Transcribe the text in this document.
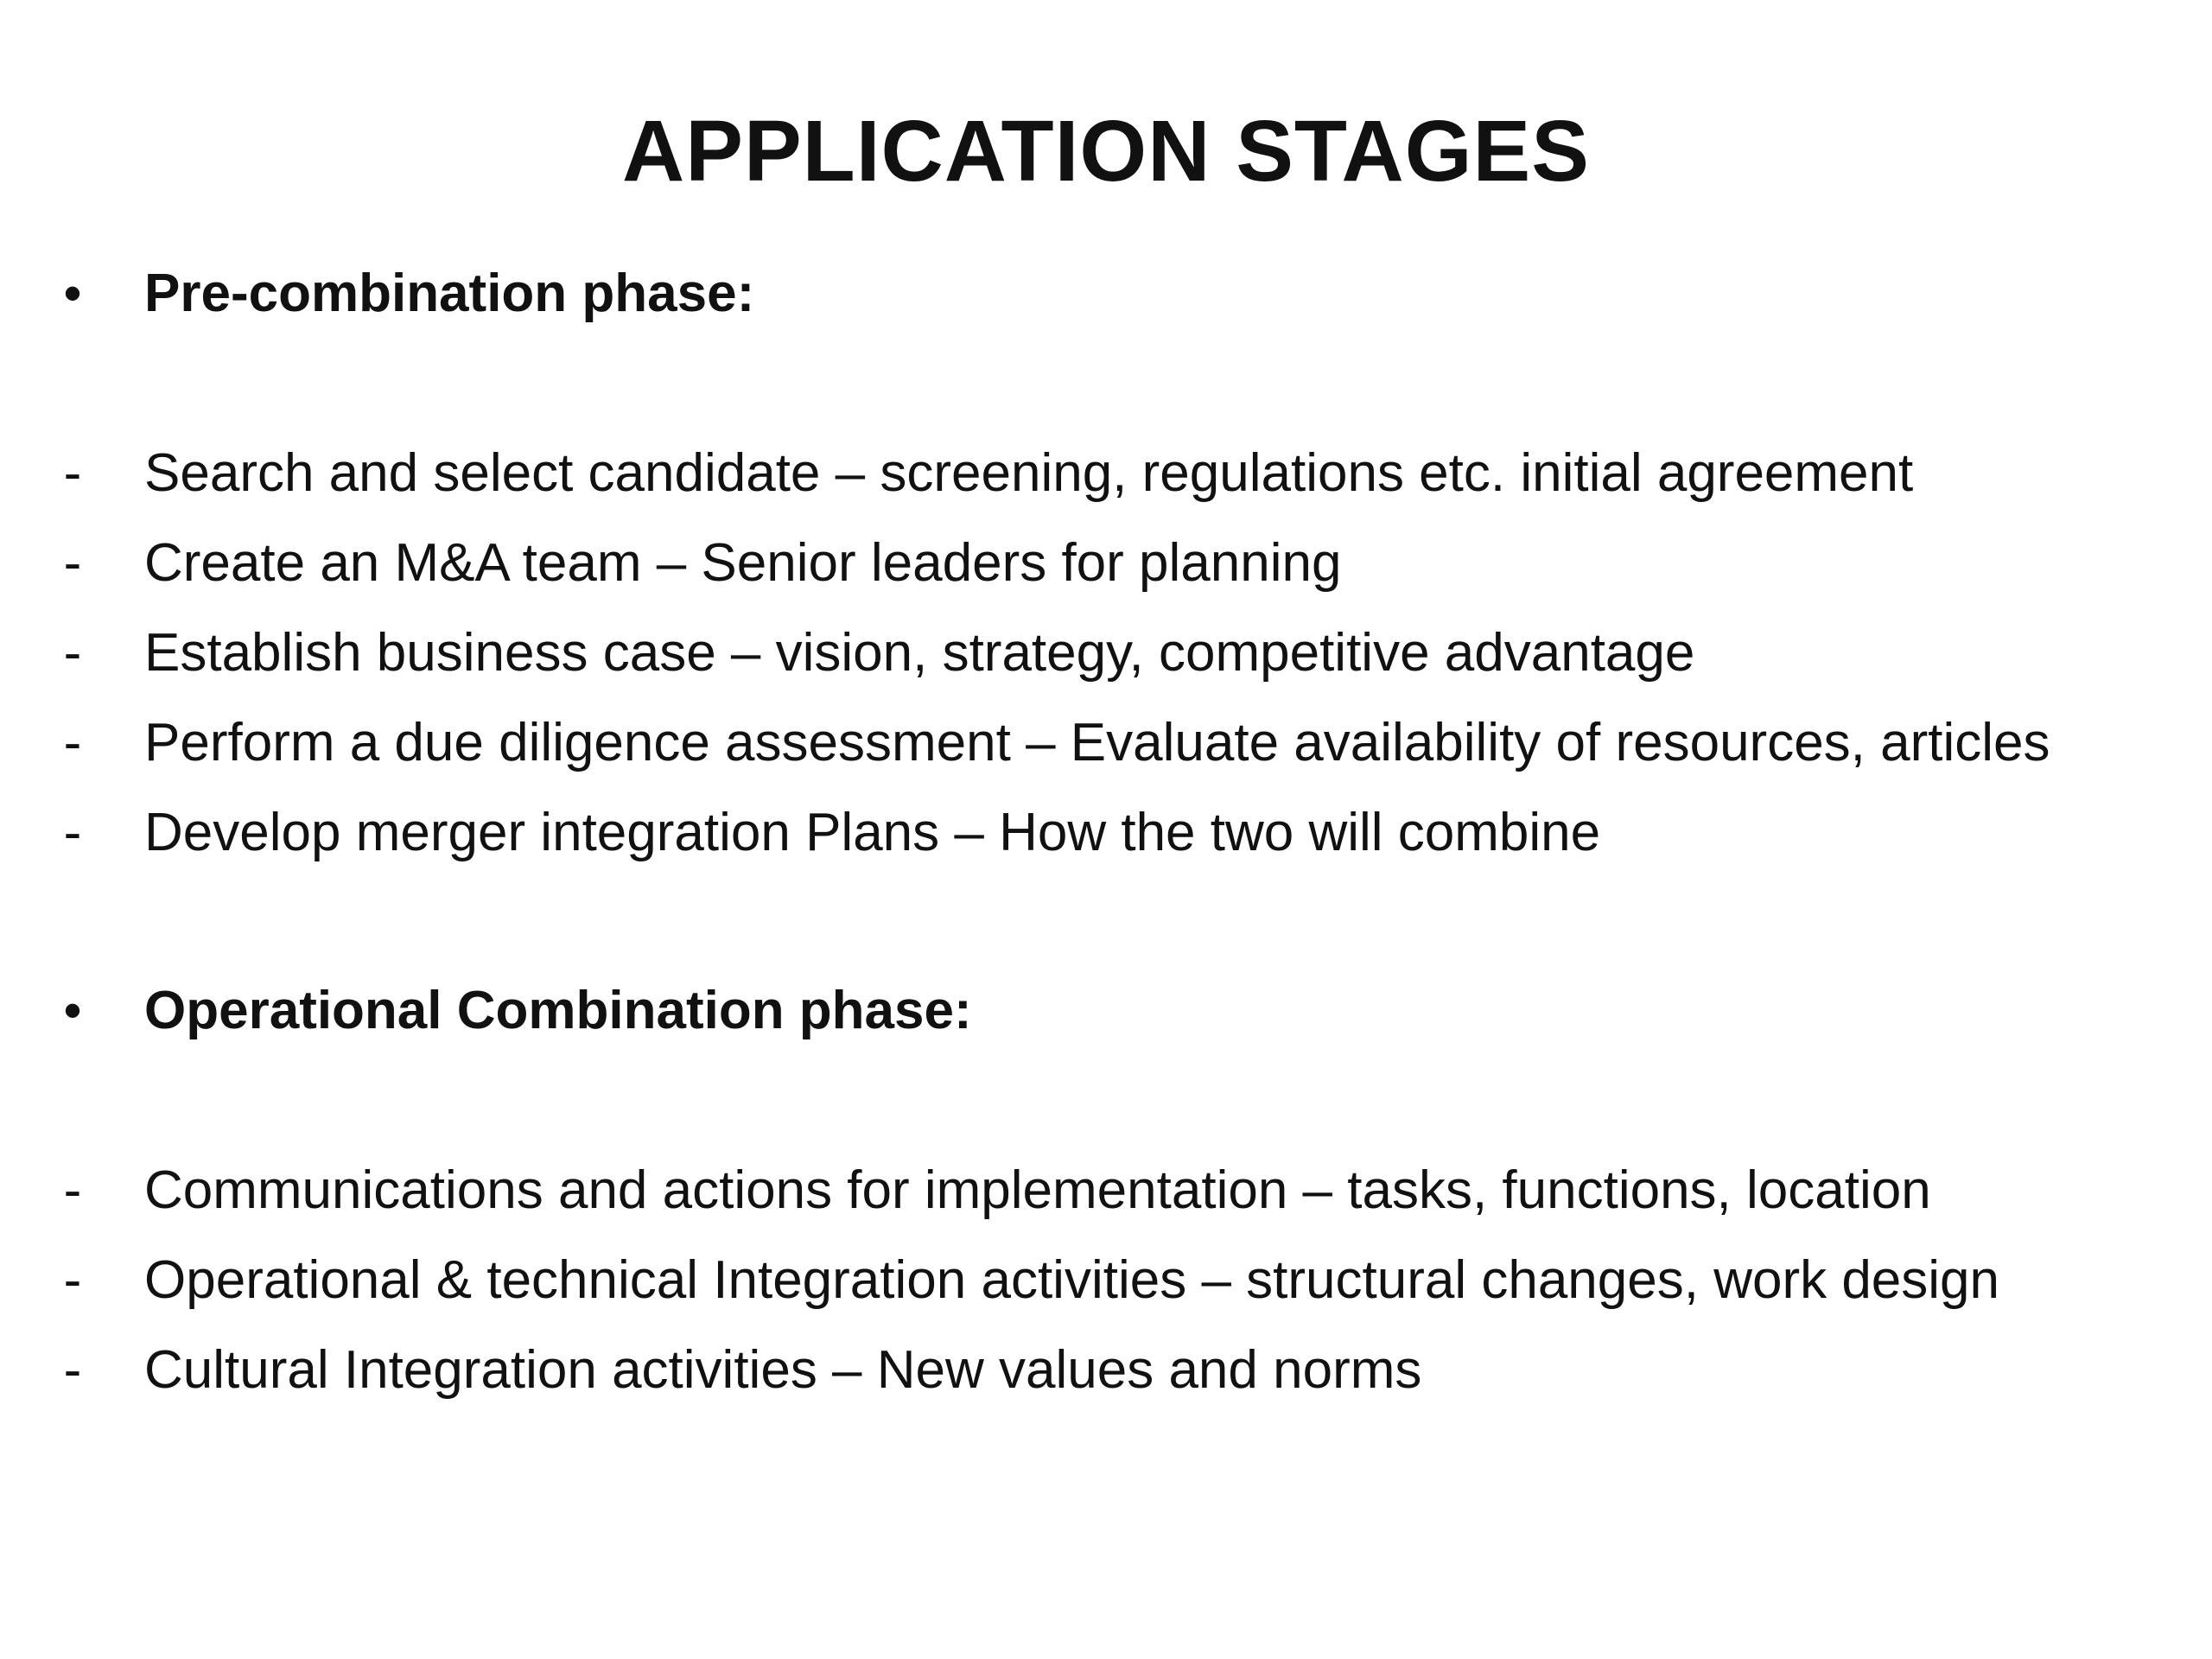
APPLICATION STAGES
• Pre-combination phase:
- Search and select candidate – screening, regulations etc. initial agreement
- Create an M&A team – Senior leaders for planning
- Establish business case – vision, strategy, competitive advantage
- Perform a due diligence assessment – Evaluate availability of resources, articles
- Develop merger integration Plans – How the two will combine
• Operational Combination phase:
- Communications and actions for implementation – tasks, functions, location
- Operational & technical Integration activities – structural changes, work design
- Cultural Integration activities – New values and norms
